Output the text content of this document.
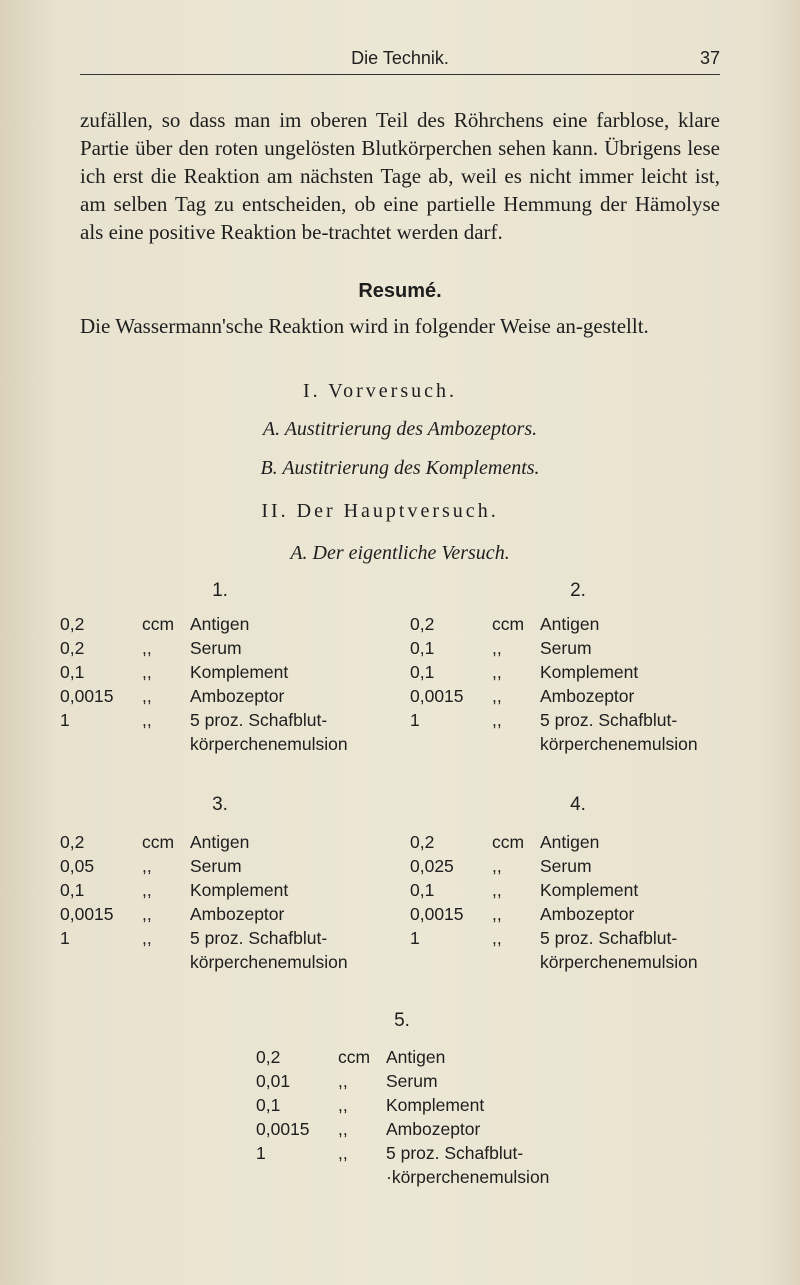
Die Technik.	37
zufällen, so dass man im oberen Teil des Röhrchens eine farblose, klare Partie über den roten ungelösten Blutkörperchen sehen kann. Übrigens lese ich erst die Reaktion am nächsten Tage ab, weil es nicht immer leicht ist, am selben Tag zu entscheiden, ob eine partielle Hemmung der Hämolyse als eine positive Reaktion be-trachtet werden darf.
Resumé.
Die Wassermann'sche Reaktion wird in folgender Weise an-gestellt.
I. Vorversuch.
A. Austitrierung des Ambozeptors.
B. Austitrierung des Komplements.
II. Der Hauptversuch.
A. Der eigentliche Versuch.
1.
0,2	ccm Antigen
0,2	,,	Serum
0,1	,,	Komplement
0,0015 ,,	Ambozeptor
1	,,	5 proz. Schafblut-körperchenemulsion
2.
0,2	ccm Antigen
0,1	,,	Serum
0,1	,,	Komplement
0,0015 ,,	Ambozeptor
1	,,	5 proz. Schafblut-körperchenemulsion
3.
0,2	ccm Antigen
0,05	,,	Serum
0,1	,,	Komplement
0,0015 ,,	Ambozeptor
1	,,	5 proz. Schafblut-körperchenemulsion
4.
0,2	ccm Antigen
0,025 ,,	Serum
0,1	,,	Komplement
0,0015 ,,	Ambozeptor
1	,,	5 proz. Schafblut-körperchenemulsion
5.
0,2	ccm Antigen
0,01	,,	Serum
0,1	,,	Komplement
0,0015 ,,	Ambozeptor
1	,,	5 proz. Schafblut-·körperchenemulsion
